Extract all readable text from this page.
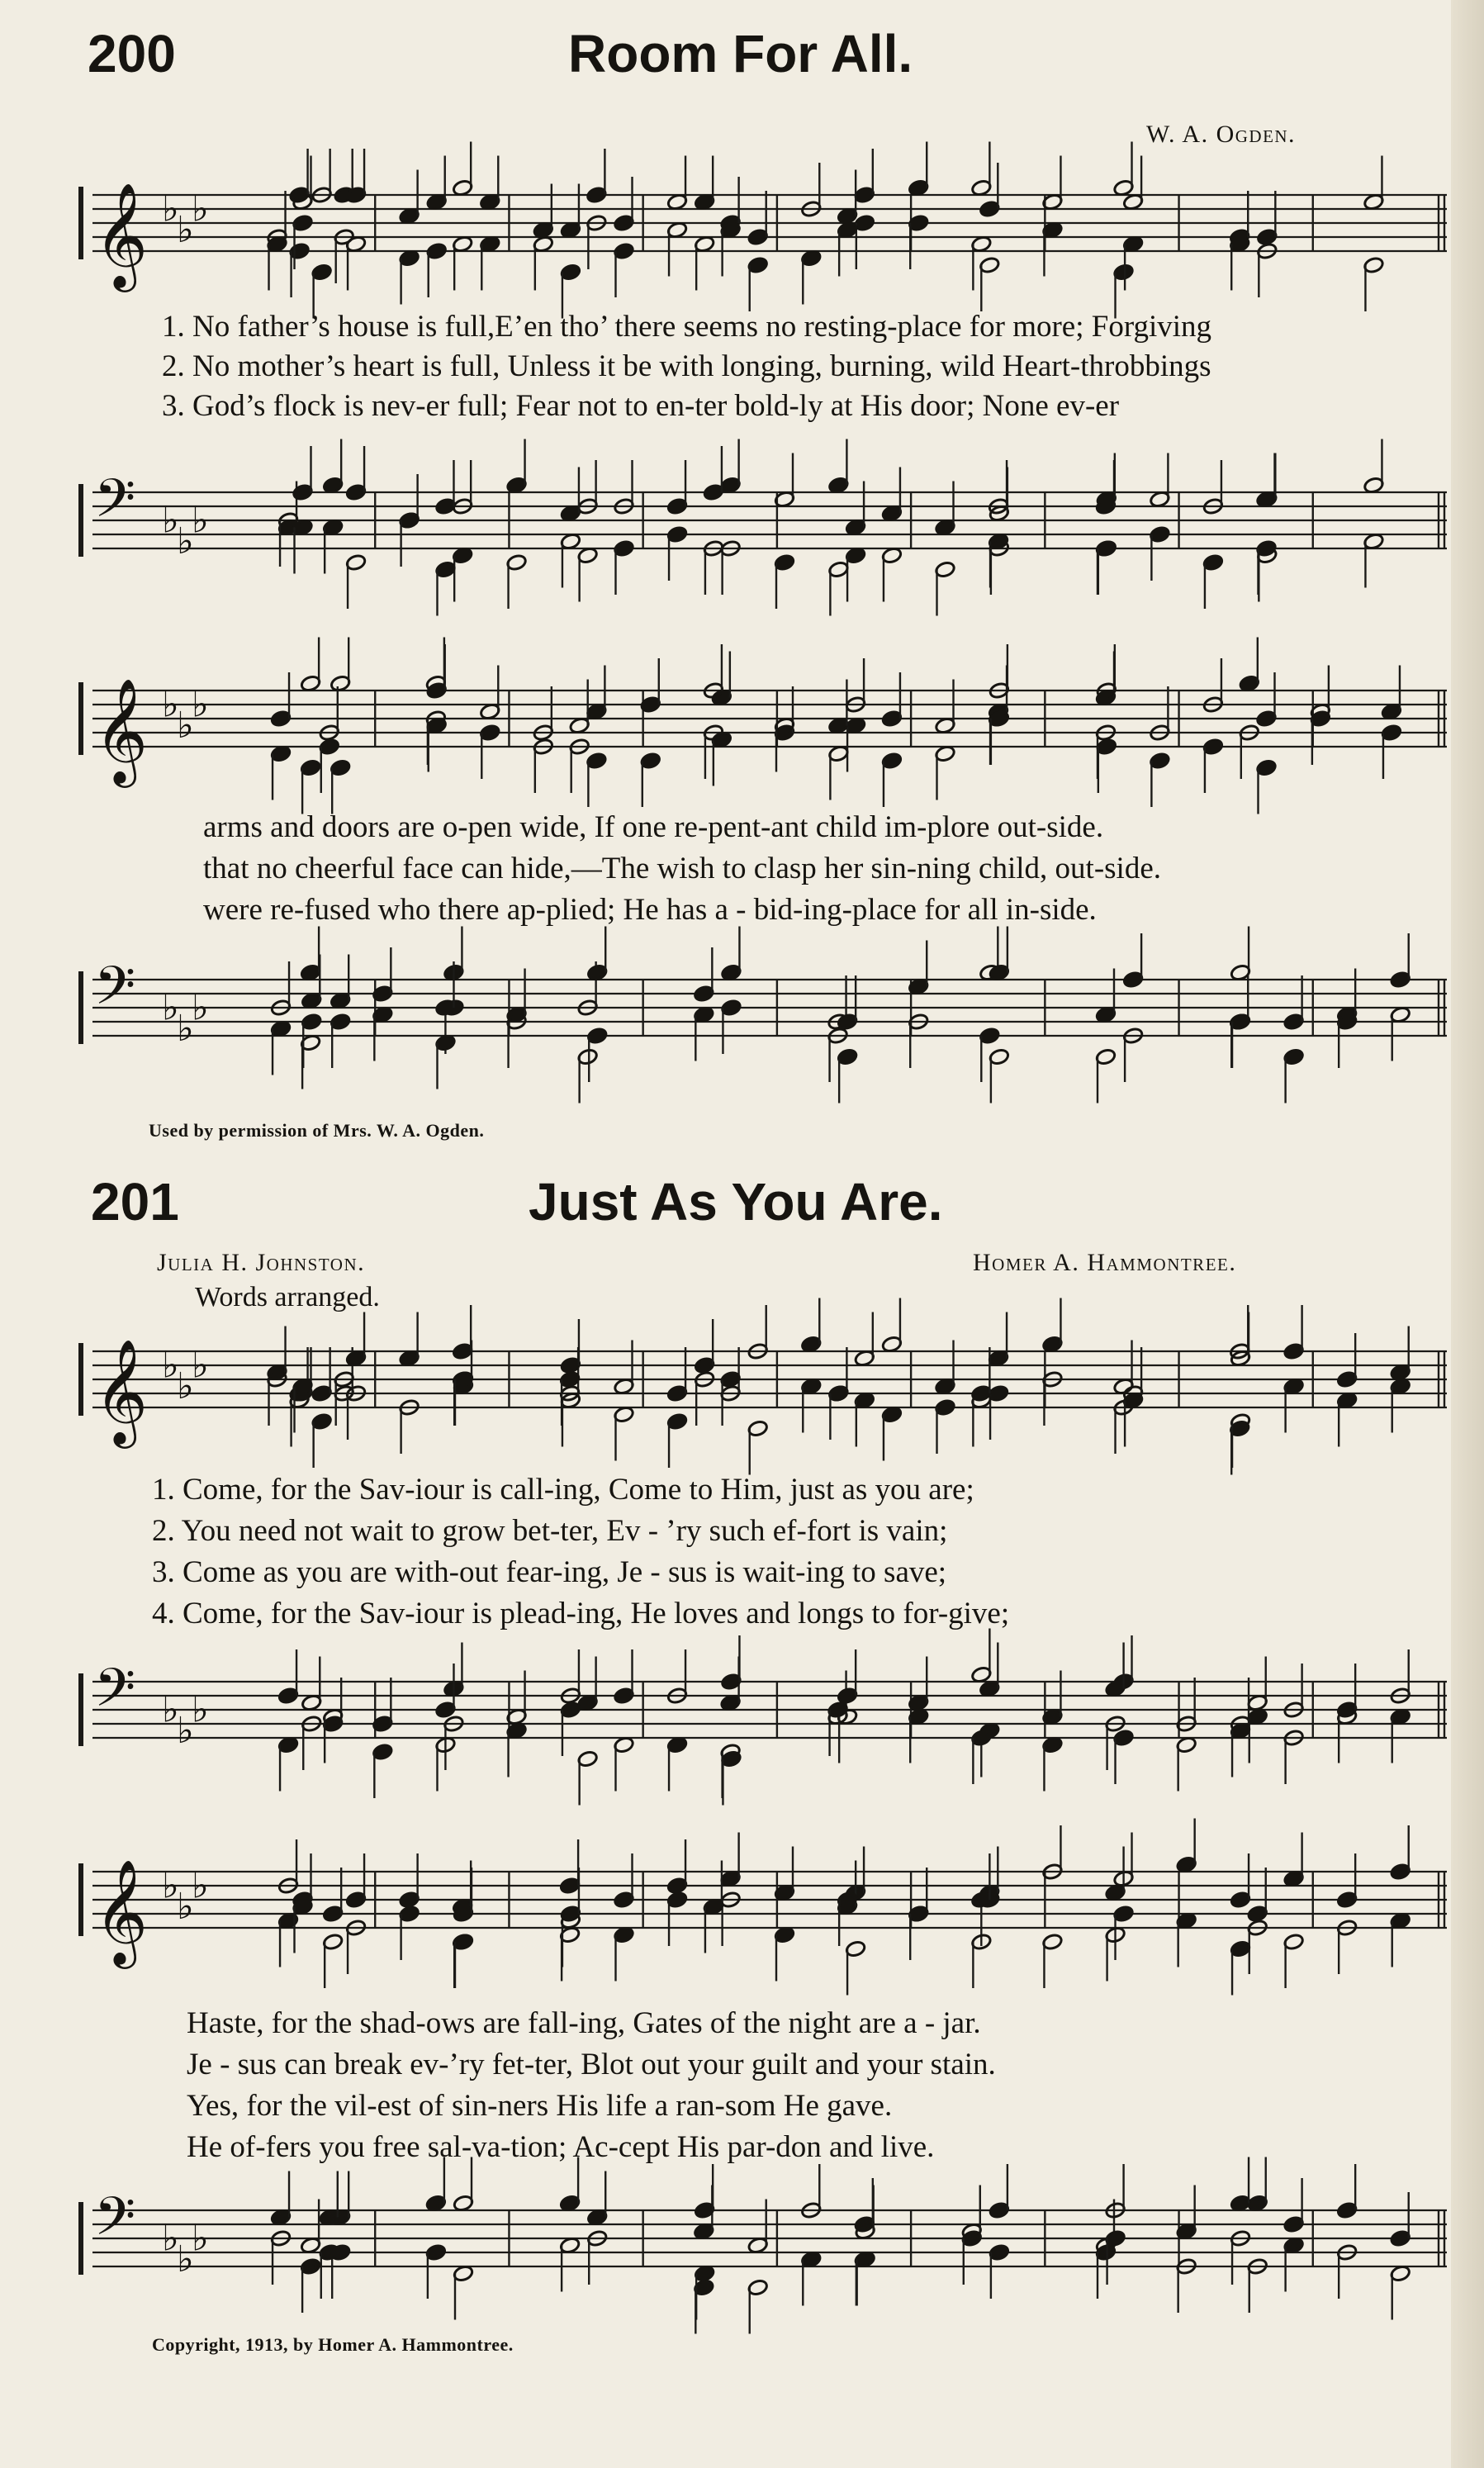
200	Room For All.
W. A. Ogden.
𝄞 ♭
♭
♭
1. No father’s house is full,E’en tho’ there seems no resting-place for more; Forgiving
2. No mother’s heart is full, Unless it be with longing, burning, wild Heart-throbbings
3. God’s flock is nev-er full; Fear not to en-ter bold-ly at His door; None ev-er
𝄢 ♭
♭
♭
𝄞 ♭
♭
♭
arms and doors are o-pen wide, If one re-pent-ant child im-plore out-side.
that no cheerful face can hide,—The wish to clasp her sin-ning child, out-side.
were re-fused who there ap-plied; He has a - bid-ing-place for all in-side.
𝄢 ♭
♭
♭
Used by permission of Mrs. W. A. Ogden.
201	Just As You Are.
Julia H. Johnston.
Words arranged.
Homer A. Hammontree.
𝄞 ♭
♭
♭
1. Come, for the Sav-iour is call-ing, Come to Him, just as you are;
2. You need not wait to grow bet-ter, Ev - ’ry such ef-fort is vain;
3. Come as you are with-out fear-ing, Je - sus is wait-ing to save;
4. Come, for the Sav-iour is plead-ing, He loves and longs to for-give;
𝄢 ♭
♭
♭
𝄞 ♭
♭
♭
Haste, for the shad-ows are fall-ing, Gates of the night are a - jar.
Je - sus can break ev-’ry fet-ter, Blot out your guilt and your stain.
Yes, for the vil-est of sin-ners His life a ran-som He gave.
He of-fers you free sal-va-tion; Ac-cept His par-don and live.
𝄢 ♭
♭
♭
Copyright, 1913, by Homer A. Hammontree.
